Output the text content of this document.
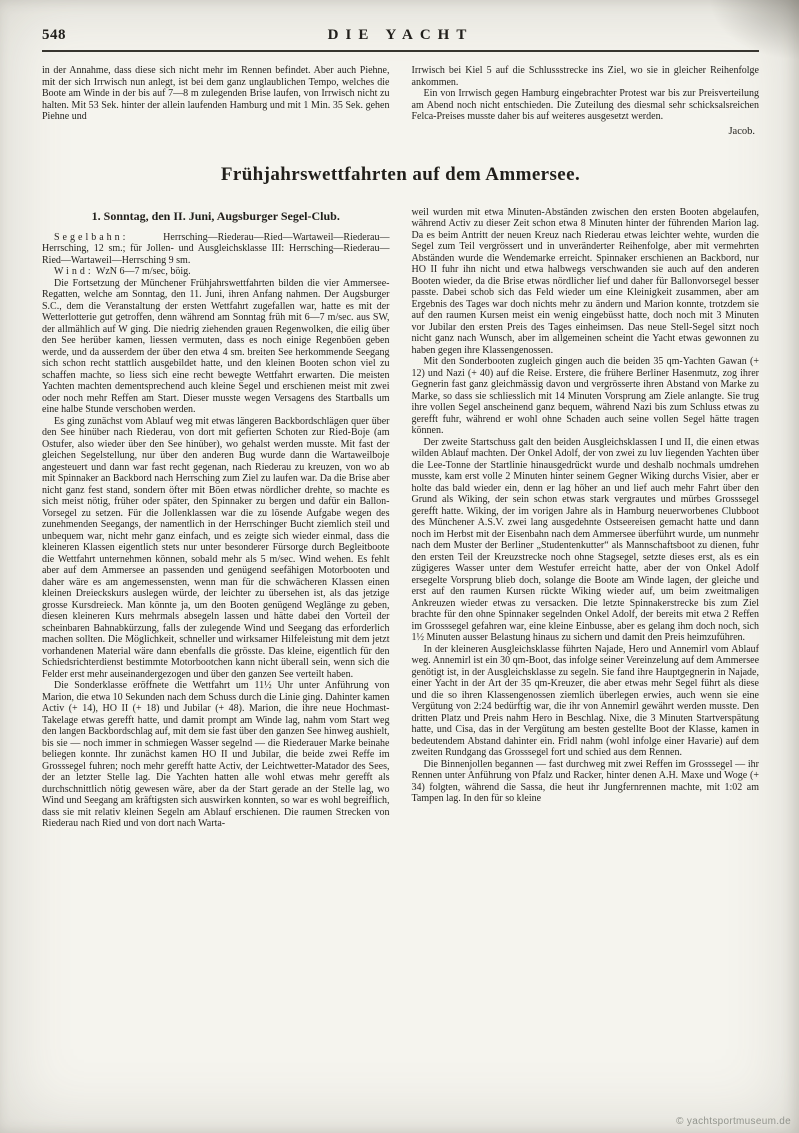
548	DIE YACHT

in der Annahme, dass diese sich nicht mehr im Rennen befindet. Aber auch Piehne, mit der sich Irrwisch nun anlegt, ist bei dem ganz unglaublichen Tempo, welches die Boote am Winde in der bis auf 7—8 m zulegenden Brise laufen, von Irrwisch nicht zu halten. Mit 53 Sek. hinter der allein laufenden Hamburg und mit 1 Min. 35 Sek. gehen Piehne und

Irrwisch bei Kiel 5 auf die Schlussstrecke ins Ziel, wo sie in gleicher Reihenfolge ankommen.

Ein von Irrwisch gegen Hamburg eingebrachter Protest war bis zur Preisverteilung am Abend noch nicht entschieden. Die Zuteilung des diesmal sehr schicksalsreichen Felca-Preises musste daher bis auf weiteres ausgesetzt werden.

Jacob.

Frühjahrswettfahrten auf dem Ammersee.
1. Sonntag, den II. Juni, Augsburger Segel-Club.

Segelbahn: Herrsching—Riederau—Ried—Wartaweil—Riederau—Herrsching, 12 sm.; für Jollen- und Ausgleichsklasse III: Herrsching—Riederau—Ried—Wartaweil—Herrsching 9 sm.

Wind: WzN 6—7 m/sec, böig.

Die Fortsetzung der Münchener Frühjahrswettfahrten bilden die vier Ammersee-Regatten, welche am Sonntag, den 11. Juni, ihren Anfang nahmen. Der Augsburger S.C., dem die Veranstaltung der ersten Wettfahrt zugefallen war, hatte es mit der Wetterlotterie gut getroffen, denn während am Sonntag früh mit 6—7 m/sec. aus SW, der allmählich auf W ging. Die niedrig ziehenden grauen Regenwolken, die eilig über den See herüber kamen, liessen vermuten, dass es noch einige Regenböen geben werde, und da ausserdem der über den etwa 4 sm. breiten See herkommende Seegang sich schon recht stattlich ausgebildet hatte, und den kleinen Booten schon viel zu schaffen machte, so liess sich eine recht bewegte Wettfahrt erwarten. Die meisten Yachten machten dementsprechend auch kleine Segel und erschienen meist mit zwei oder noch mehr Reffen am Start. Dieser musste wegen Versagens des Startballs um eine halbe Stunde verschoben werden.

Es ging zunächst vom Ablauf weg mit etwas längeren Backbordschlägen quer über den See hinüber nach Riederau, von dort mit gefierten Schoten zur Ried-Boje (am Ostufer, also wieder über den See hinüber), wo gehalst werden musste. Mit fast der gleichen Segelstellung, nur über den anderen Bug wurde dann die Wartaweilboje angesteuert und dann war fast recht gegenan, nach Riederau zu kreuzen, von wo ab mit Spinnaker an Backbord nach Herrsching zum Ziel zu laufen war. Da die Brise aber nicht ganz fest stand, sondern öfter mit Böen etwas nördlicher drehte, so machte es sich meist nötig, früher oder später, den Spinnaker zu bergen und dafür ein Ballon-Vorsegel zu setzen. Für die Jollenklassen war die zu lösende Aufgabe wegen des zunehmenden Seegangs, der namentlich in der Herrschinger Bucht ziemlich steil und unbequem war, nicht mehr ganz einfach, und es zeigte sich wieder einmal, dass die kleineren Klassen eigentlich stets nur unter besonderer Fürsorge durch Begleitboote die Wettfahrt unternehmen können, sobald mehr als 5 m/sec. Wind wehen. Es fehlt aber auf dem Ammersee an passenden und genügend seefähigen Motorbooten und daher wäre es am angemessensten, wenn man für die schwächeren Klassen einen kleinen Dreieckskurs auslegen würde, der leichter zu übersehen ist, als das jetzige grosse Kursdreieck. Man könnte ja, um den Booten genügend Weglänge zu geben, diesen kleineren Kurs mehrmals absegeln lassen und hätte dabei den Vorteil der scheinbaren Bahnabkürzung, falls der zulegende Wind und Seegang das erforderlich machen sollten. Die Möglichkeit, schneller und wirksamer Hilfeleistung mit dem jetzt vorhandenen Material wäre dann ebenfalls die grösste. Das kleine, eigentlich für den Schiedsrichterdienst bestimmte Motorbootchen kann nicht überall sein, wenn sich die Felder erst mehr auseinandergezogen und über den ganzen See verteilt haben.

Die Sonderklasse eröffnete die Wettfahrt um 11½ Uhr unter Anführung von Marion, die etwa 10 Sekunden nach dem Schuss durch die Linie ging. Dahinter kamen Activ (+ 14), HO II (+ 18) und Jubilar (+ 48). Marion, die ihre neue Hochmast-Takelage etwas gerefft hatte, und damit prompt am Winde lag, nahm vom Start weg den langen Backbordschlag auf, mit dem sie fast über den ganzen See hinweg aushielt, bis sie — noch immer in schmiegen Wasser segelnd — die Riederauer Marke beinahe beliegen konnte. Ihr zunächst kamen HO II und Jubilar, die beide zwei Reffe im Grosssegel fuhren; noch mehr gerefft hatte Activ, der Leichtwetter-Matador des Sees, der an letzter Stelle lag. Die Yachten hatten alle wohl etwas mehr gerefft als durchschnittlich nötig gewesen wäre, aber da der Start gerade an der Stelle lag, wo Wind und Seegang am kräftigsten sich auswirken konnten, so war es wohl begreiflich, dass sie mit relativ kleinen Segeln am Ablauf erschienen. Die raumen Strecken von Riederau nach Ried und von dort nach Warta-

weil wurden mit etwa Minuten-Abständen zwischen den ersten Booten abgelaufen, während Activ zu dieser Zeit schon etwa 8 Minuten hinter der führenden Marion lag. Da es beim Antritt der neuen Kreuz nach Riederau etwas leichter wehte, wurden die Segel zum Teil vergrössert und in unveränderter Reihenfolge, aber mit vermehrten Abständen wurde die Wendemarke erreicht. Spinnaker erschienen an Backbord, nur HO II fuhr ihn nicht und etwa halbwegs verschwanden sie auch auf den anderen Booten wieder, da die Brise etwas nördlicher lief und daher für Ballonvorsegel besser passte. Dabei schob sich das Feld wieder um eine Kleinigkeit zusammen, aber am Ergebnis des Tages war doch nichts mehr zu ändern und Marion konnte, trotzdem sie auf den raumen Kursen meist ein wenig eingebüsst hatte, doch noch mit 3 Minuten vor Jubilar den ersten Preis des Tages einheimsen. Das neue Stell-Segel sitzt noch nicht ganz nach Wunsch, aber im allgemeinen scheint die Yacht etwas gewonnen zu haben gegen ihre Klassengenossen.

Mit den Sonderbooten zugleich gingen auch die beiden 35 qm-Yachten Gawan (+ 12) und Nazi (+ 40) auf die Reise. Erstere, die frühere Berliner Hasenmutz, zog ihrer Gegnerin fast ganz gleichmässig davon und vergrösserte ihren Abstand von Marke zu Marke, so dass sie schliesslich mit 14 Minuten Vorsprung am Ziele anlangte. Sie trug ihre vollen Segel anscheinend ganz bequem, während Nazi bis zum Schluss etwas zu gerefft fuhr, während er wohl ohne Schaden auch seine vollen Segel hätte tragen können.

Der zweite Startschuss galt den beiden Ausgleichsklassen I und II, die einen etwas wilden Ablauf machten. Der Onkel Adolf, der von zwei zu luv liegenden Yachten über die Lee-Tonne der Startlinie hinausgedrückt wurde und deshalb nochmals umdrehen musste, kam erst volle 2 Minuten hinter seinem Gegner Wiking durchs Visier, aber er holte das bald wieder ein, denn er lag höher an und lief auch mehr Fahrt über den Grund als Wiking, der sein schon etwas stark vergrautes und mürbes Grosssegel gerefft hatte. Wiking, der im vorigen Jahre als in Hamburg neuerworbenes Clubboot des Münchener A.S.V. zwei lang ausgedehnte Ostseereisen gemacht hatte und dann noch im Herbst mit der Eisenbahn nach dem Ammersee überführt wurde, um nunmehr nach dem Muster der Berliner „Studentenkutter“ als Mannschaftsboot zu dienen, fuhr den ersten Teil der Kreuzstrecke noch ohne Stagsegel, setzte dieses erst, als es ein zügigeres Wasser unter dem Westufer erreicht hatte, aber der von Onkel Adolf ersegelte Vorsprung blieb doch, solange die Boote am Winde lagen, der gleiche und erst auf den raumen Kursen rückte Wiking wieder auf, um beim zweitmaligen Ankreuzen wieder etwas zu versacken. Die letzte Spinnakerstrecke bis zum Ziel brachte für den ohne Spinnaker segelnden Onkel Adolf, der bereits mit etwa 2 Reffen im Grosssegel gefahren war, eine kleine Einbusse, aber es gelang ihm doch noch, sich 1½ Minuten ausser Belastung hinaus zu sichern und damit den Preis heimzuführen.

In der kleineren Ausgleichsklasse führten Najade, Hero und Annemirl vom Ablauf weg. Annemirl ist ein 30 qm-Boot, das infolge seiner Vereinzelung auf dem Ammersee genötigt ist, in der Ausgleichsklasse zu segeln. Sie fand ihre Hauptgegnerin in Najade, einer Yacht in der Art der 35 qm-Kreuzer, die aber etwas mehr Segel führt als diese und die so ihren Klassengenossen ziemlich überlegen erwies, auch wenn sie eine Vergütung von 2:24 bedürftig war, die ihr von Annemirl gewährt werden musste. Den dritten Platz und Preis nahm Hero in Beschlag. Nixe, die 3 Minuten Startverspätung hatte, und Cisa, das in der Vergütung am besten gestellte Boot der Klasse, kamen in bedeutendem Abstand dahinter ein. Fridl nahm (wohl infolge einer Havarie) auf dem zweiten Rundgang das Grosssegel fort und schied aus dem Rennen.

Die Binnenjollen begannen — fast durchweg mit zwei Reffen im Grosssegel — ihr Rennen unter Anführung von Pfalz und Racker, hinter denen A.H. Maxe und Woge (+ 34) folgten, während die Sassa, die heut ihr Jungfernrennen machte, mit 1:02 am Tampen lag. In den für so kleine

© yachtsportmuseum.de
